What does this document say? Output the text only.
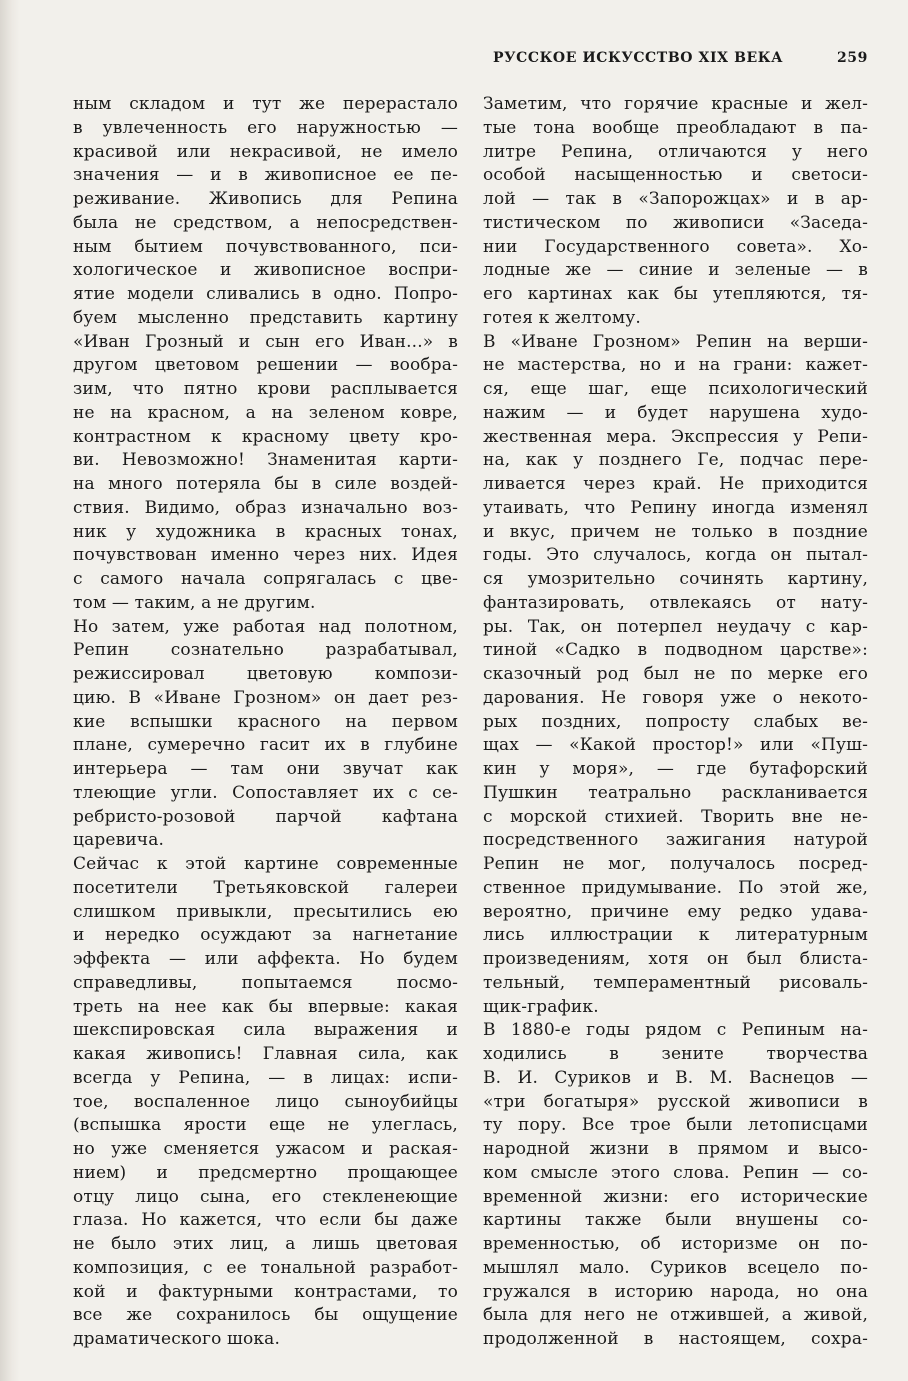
РУССКОЕ ИСКУССТВО XIX ВЕКА	259
ным складом и тут же перерастало
в увлеченность его наружностью —
красивой или некрасивой, не имело
значения — и в живописное ее пе-
реживание. Живопись для Репина
была не средством, а непосредствен-
ным бытием почувствованного, пси-
хологическое и живописное воспри-
ятие модели сливались в одно. Попро-
буем мысленно представить картину
«Иван Грозный и сын его Иван...» в
другом цветовом решении — вообра-
зим, что пятно крови расплывается
не на красном, а на зеленом ковре,
контрастном к красному цвету кро-
ви. Невозможно! Знаменитая карти-
на много потеряла бы в силе воздей-
ствия. Видимо, образ изначально воз-
ник у художника в красных тонах,
почувствован именно через них. Идея
с самого начала сопрягалась с цве-
том — таким, а не другим.
Но затем, уже работая над полотном,
Репин сознательно разрабатывал,
режиссировал цветовую компози-
цию. В «Иване Грозном» он дает рез-
кие вспышки красного на первом
плане, сумеречно гасит их в глубине
интерьера — там они звучат как
тлеющие угли. Сопоставляет их с се-
ребристо-розовой парчой кафтана
царевича.
Сейчас к этой картине современные
посетители Третьяковской галереи
слишком привыкли, пресытились ею
и нередко осуждают за нагнетание
эффекта — или аффекта. Но будем
справедливы, попытаемся посмо-
треть на нее как бы впервые: какая
шекспировская сила выражения и
какая живопись! Главная сила, как
всегда у Репина, — в лицах: испи-
тое, воспаленное лицо сыноубийцы
(вспышка ярости еще не улеглась,
но уже сменяется ужасом и раская-
нием) и предсмертно прощающее
отцу лицо сына, его стекленеющие
глаза. Но кажется, что если бы даже
не было этих лиц, а лишь цветовая
композиция, с ее тональной разработ-
кой и фактурными контрастами, то
все же сохранилось бы ощущение
драматического шока.
Заметим, что горячие красные и жел-
тые тона вообще преобладают в па-
литре Репина, отличаются у него
особой насыщенностью и светоси-
лой — так в «Запорожцах» и в ар-
тистическом по живописи «Заседа-
нии Государственного совета». Хо-
лодные же — синие и зеленые — в
его картинах как бы утепляются, тя-
готея к желтому.
В «Иване Грозном» Репин на верши-
не мастерства, но и на грани: кажет-
ся, еще шаг, еще психологический
нажим — и будет нарушена худо-
жественная мера. Экспрессия у Репи-
на, как у позднего Ге, подчас пере-
ливается через край. Не приходится
утаивать, что Репину иногда изменял
и вкус, причем не только в поздние
годы. Это случалось, когда он пытал-
ся умозрительно сочинять картину,
фантазировать, отвлекаясь от нату-
ры. Так, он потерпел неудачу с кар-
тиной «Садко в подводном царстве»:
сказочный род был не по мерке его
дарования. Не говоря уже о некото-
рых поздних, попросту слабых ве-
щах — «Какой простор!» или «Пуш-
кин у моря», — где бутафорский
Пушкин театрально раскланивается
с морской стихией. Творить вне не-
посредственного зажигания натурой
Репин не мог, получалось посред-
ственное придумывание. По этой же,
вероятно, причине ему редко удава-
лись иллюстрации к литературным
произведениям, хотя он был блиста-
тельный, темпераментный рисоваль-
щик-график.
В 1880-е годы рядом с Репиным на-
ходились в зените творчества
В. И. Суриков и В. М. Васнецов —
«три богатыря» русской живописи в
ту пору. Все трое были летописцами
народной жизни в прямом и высо-
ком смысле этого слова. Репин — со-
временной жизни: его исторические
картины также были внушены со-
временностью, об историзме он по-
мышлял мало. Суриков всецело по-
гружался в историю народа, но она
была для него не отжившей, а живой,
продолженной в настоящем, сохра-
